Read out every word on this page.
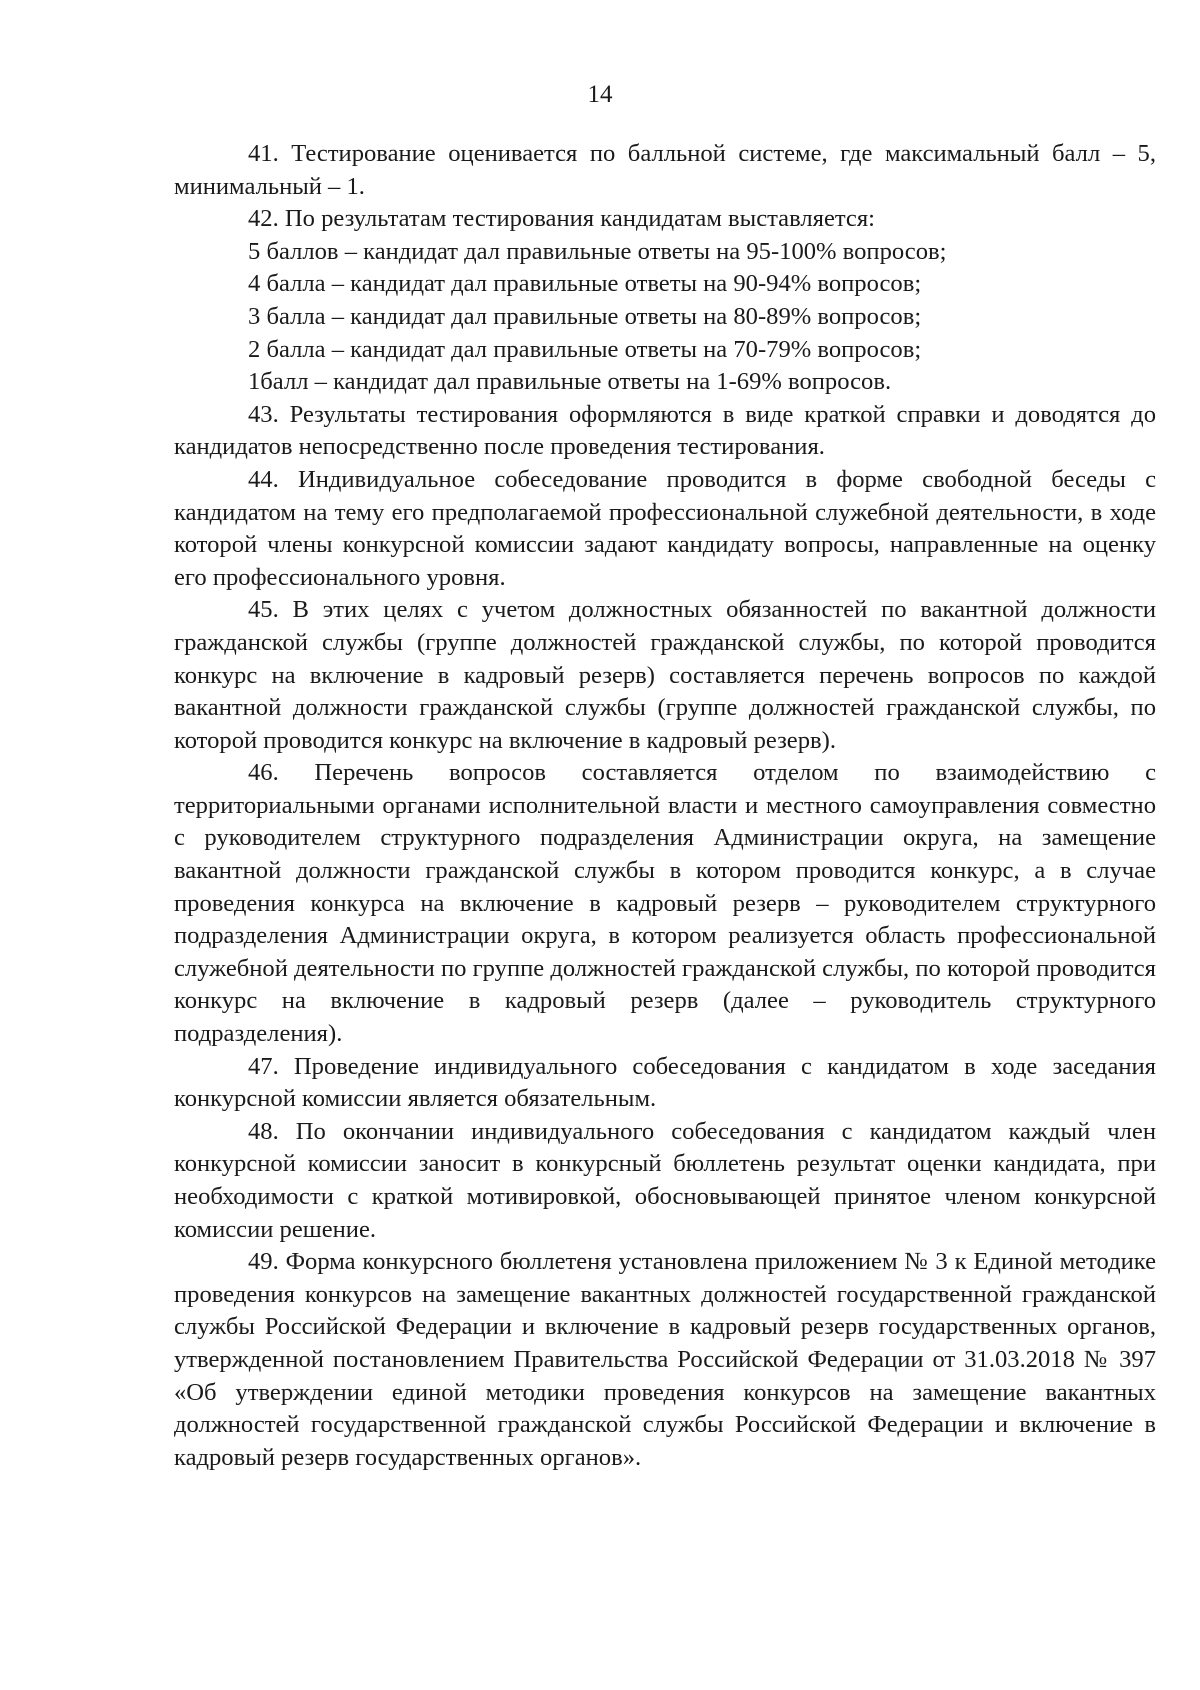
14

41. Тестирование оценивается по балльной системе, где максимальный балл – 5, минимальный – 1.

42. По результатам тестирования кандидатам выставляется:

5 баллов – кандидат дал правильные ответы на 95-100% вопросов;

4 балла – кандидат дал правильные ответы на 90-94% вопросов;

3 балла – кандидат дал правильные ответы на 80-89% вопросов;

2 балла – кандидат дал правильные ответы на 70-79% вопросов;

1балл – кандидат дал правильные ответы на 1-69% вопросов.

43. Результаты тестирования оформляются в виде краткой справки и доводятся до кандидатов непосредственно после проведения тестирования.

44. Индивидуальное собеседование проводится в форме свободной беседы с кандидатом на тему его предполагаемой профессиональной служебной деятельности, в ходе которой члены конкурсной комиссии задают кандидату вопросы, направленные на оценку его профессионального уровня.

45. В этих целях с учетом должностных обязанностей по вакантной должности гражданской службы (группе должностей гражданской службы, по которой проводится конкурс на включение в кадровый резерв) составляется перечень вопросов по каждой вакантной должности гражданской службы (группе должностей гражданской службы, по которой проводится конкурс на включение в кадровый резерв).

46. Перечень вопросов составляется отделом по взаимодействию с территориальными органами исполнительной власти и местного самоуправления совместно с руководителем структурного подразделения Администрации округа, на замещение вакантной должности гражданской службы в котором проводится конкурс, а в случае проведения конкурса на включение в кадровый резерв – руководителем структурного подразделения Администрации округа, в котором реализуется область профессиональной служебной деятельности по группе должностей гражданской службы, по которой проводится конкурс на включение в кадровый резерв (далее – руководитель структурного подразделения).

47. Проведение индивидуального собеседования с кандидатом в ходе заседания конкурсной комиссии является обязательным.

48. По окончании индивидуального собеседования с кандидатом каждый член конкурсной комиссии заносит в конкурсный бюллетень результат оценки кандидата, при необходимости с краткой мотивировкой, обосновывающей принятое членом конкурсной комиссии решение.

49. Форма конкурсного бюллетеня установлена приложением № 3 к Единой методике проведения конкурсов на замещение вакантных должностей государственной гражданской службы Российской Федерации и включение в кадровый резерв государственных органов, утвержденной постановлением Правительства Российской Федерации от 31.03.2018 № 397 «Об утверждении единой методики проведения конкурсов на замещение вакантных должностей государственной гражданской службы Российской Федерации и включение в кадровый резерв государственных органов».
